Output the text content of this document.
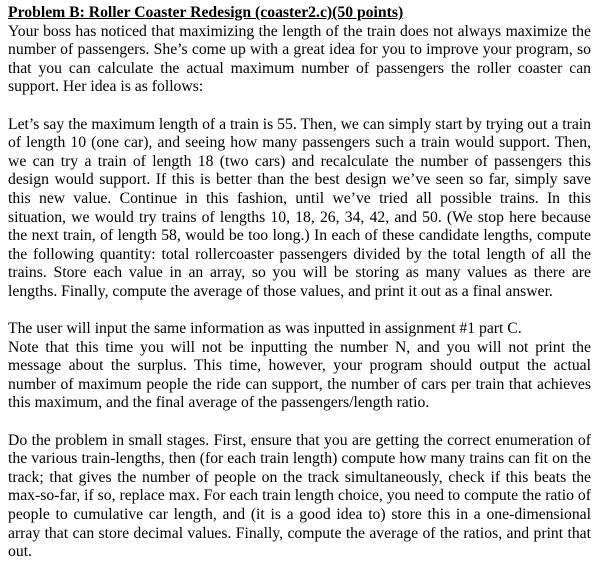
Problem B: Roller Coaster Redesign (coaster2.c)(50 points)

Your boss has noticed that maximizing the length of the train does not always maximize the number of passengers. She’s come up with a great idea for you to improve your program, so that you can calculate the actual maximum number of passengers the roller coaster can support. Her idea is as follows:

Let’s say the maximum length of a train is 55. Then, we can simply start by trying out a train of length 10 (one car), and seeing how many passengers such a train would support. Then, we can try a train of length 18 (two cars) and recalculate the number of passengers this design would support. If this is better than the best design we’ve seen so far, simply save this new value. Continue in this fashion, until we’ve tried all possible trains. In this situation, we would try trains of lengths 10, 18, 26, 34, 42, and 50. (We stop here because the next train, of length 58, would be too long.) In each of these candidate lengths, compute the following quantity: total rollercoaster passengers divided by the total length of all the trains. Store each value in an array, so you will be storing as many values as there are lengths. Finally, compute the average of those values, and print it out as a final answer.

The user will input the same information as was inputted in assignment #1 part C.

Note that this time you will not be inputting the number N, and you will not print the message about the surplus. This time, however, your program should output the actual number of maximum people the ride can support, the number of cars per train that achieves this maximum, and the final average of the passengers/length ratio.

Do the problem in small stages. First, ensure that you are getting the correct enumeration of the various train-lengths, then (for each train length) compute how many trains can fit on the track; that gives the number of people on the track simultaneously, check if this beats the max-so-far, if so, replace max. For each train length choice, you need to compute the ratio of people to cumulative car length, and (it is a good idea to) store this in a one-dimensional array that can store decimal values. Finally, compute the average of the ratios, and print that out.
